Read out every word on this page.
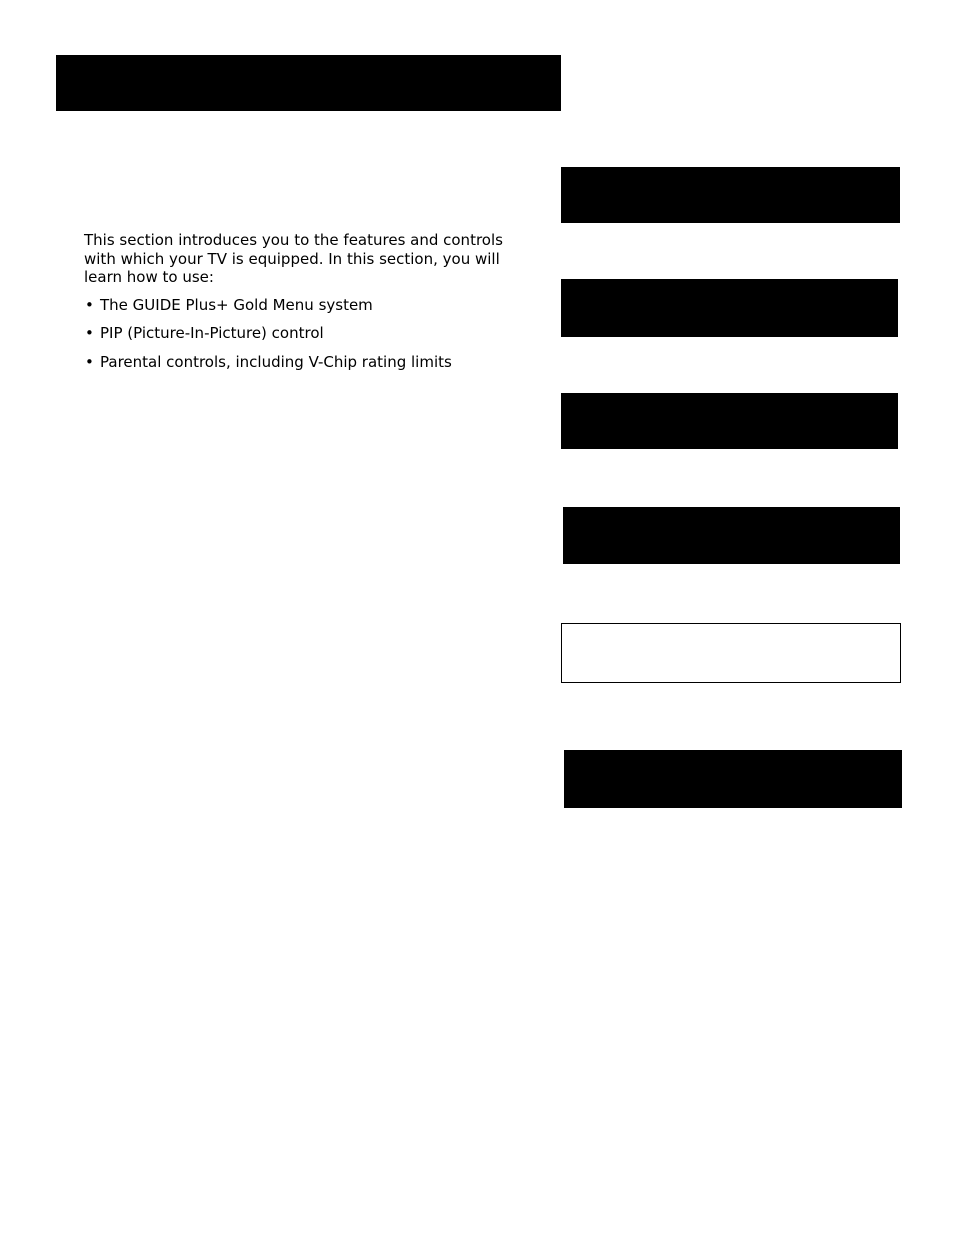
This section introduces you to the features and controls with which your TV is equipped. In this section, you will learn how to use:

• The GUIDE Plus+ Gold Menu system
• PIP (Picture-In-Picture) control
• Parental controls, including V-Chip rating limits
